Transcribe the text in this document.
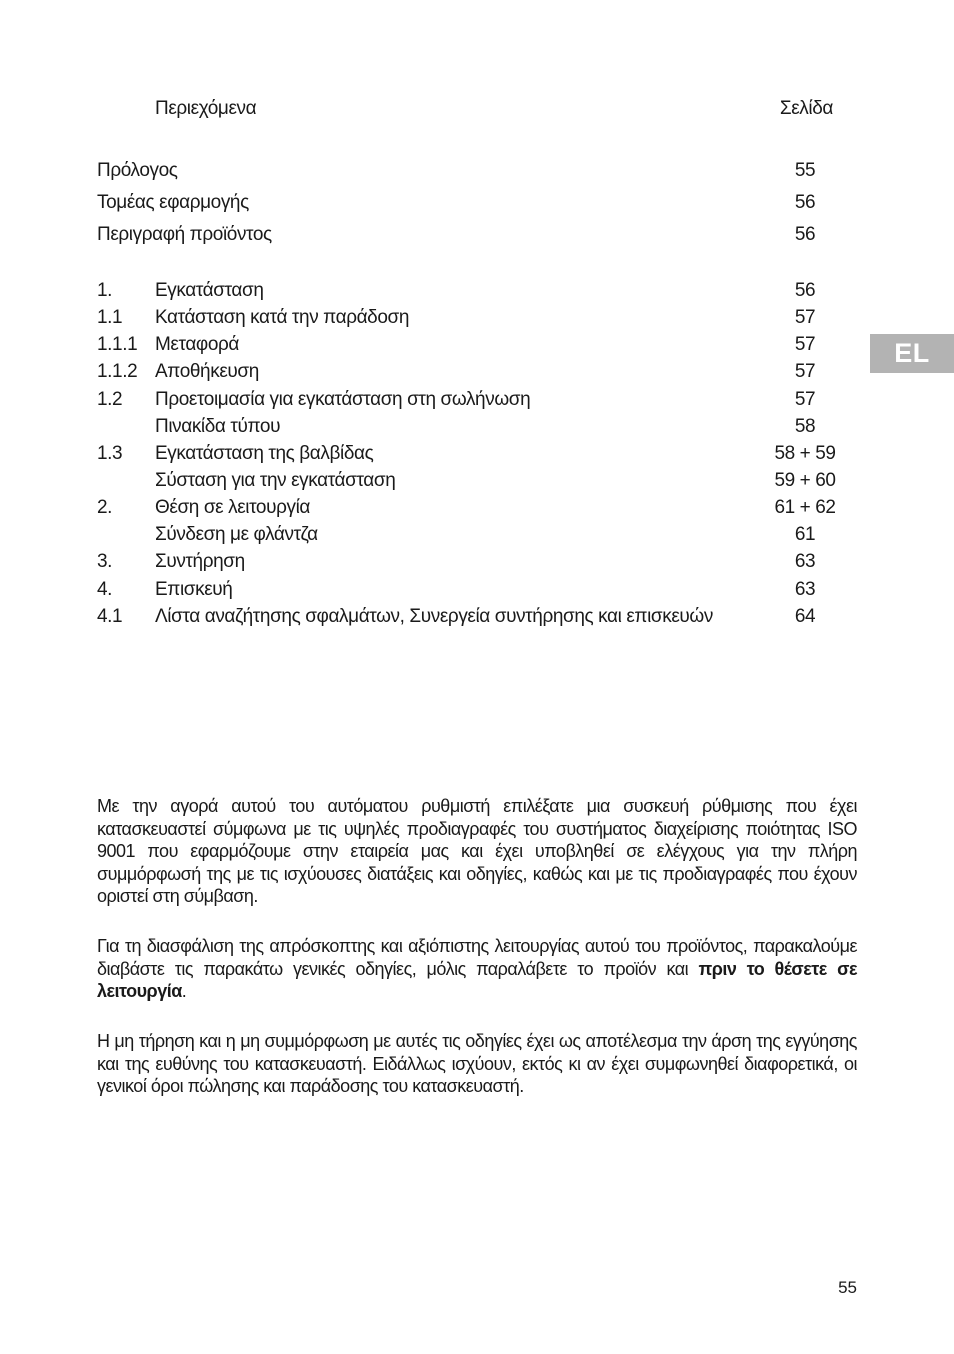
Περιεχόμενα	Σελίδα
Πρόλογος	55
Τομέας εφαρμογής	56
Περιγραφή προϊόντος	56
1. Εγκατάσταση	56
1.1 Κατάσταση κατά την παράδοση	57
1.1.1 Μεταφορά	57
1.1.2 Αποθήκευση	57
1.2 Προετοιμασία για εγκατάσταση στη σωλήνωση	57
Πινακίδα τύπου	58
1.3 Εγκατάσταση της βαλβίδας	58 + 59
Σύσταση για την εγκατάσταση	59 + 60
2. Θέση σε λειτουργία	61 + 62
Σύνδεση με φλάντζα	61
3. Συντήρηση	63
4. Επισκευή	63
4.1 Λίστα αναζήτησης σφαλμάτων, Συνεργεία συντήρησης και επισκευών	64
EL

Με την αγορά αυτού του αυτόματου ρυθμιστή επιλέξατε μια συσκευή ρύθμισης που έχει κατασκευαστεί σύμφωνα με τις υψηλές προδιαγραφές του συστήματος διαχείρισης ποιότητας ISO 9001 που εφαρμόζουμε στην εταιρεία μας και έχει υποβληθεί σε ελέγχους για την πλήρη συμμόρφωσή της με τις ισχύουσες διατάξεις και οδηγίες, καθώς και με τις προδιαγραφές που έχουν οριστεί στη σύμβαση.

Για τη διασφάλιση της απρόσκοπτης και αξιόπιστης λειτουργίας αυτού του προϊόντος, παρακαλούμε διαβάστε τις παρακάτω γενικές οδηγίες, μόλις παραλάβετε το προϊόν και πριν το θέσετε σε λειτουργία.

Η μη τήρηση και η μη συμμόρφωση με αυτές τις οδηγίες έχει ως αποτέλεσμα την άρση της εγγύησης και της ευθύνης του κατασκευαστή. Ειδάλλως ισχύουν, εκτός κι αν έχει συμφωνηθεί διαφορετικά, οι γενικοί όροι πώλησης και παράδοσης του κατασκευαστή.

55
